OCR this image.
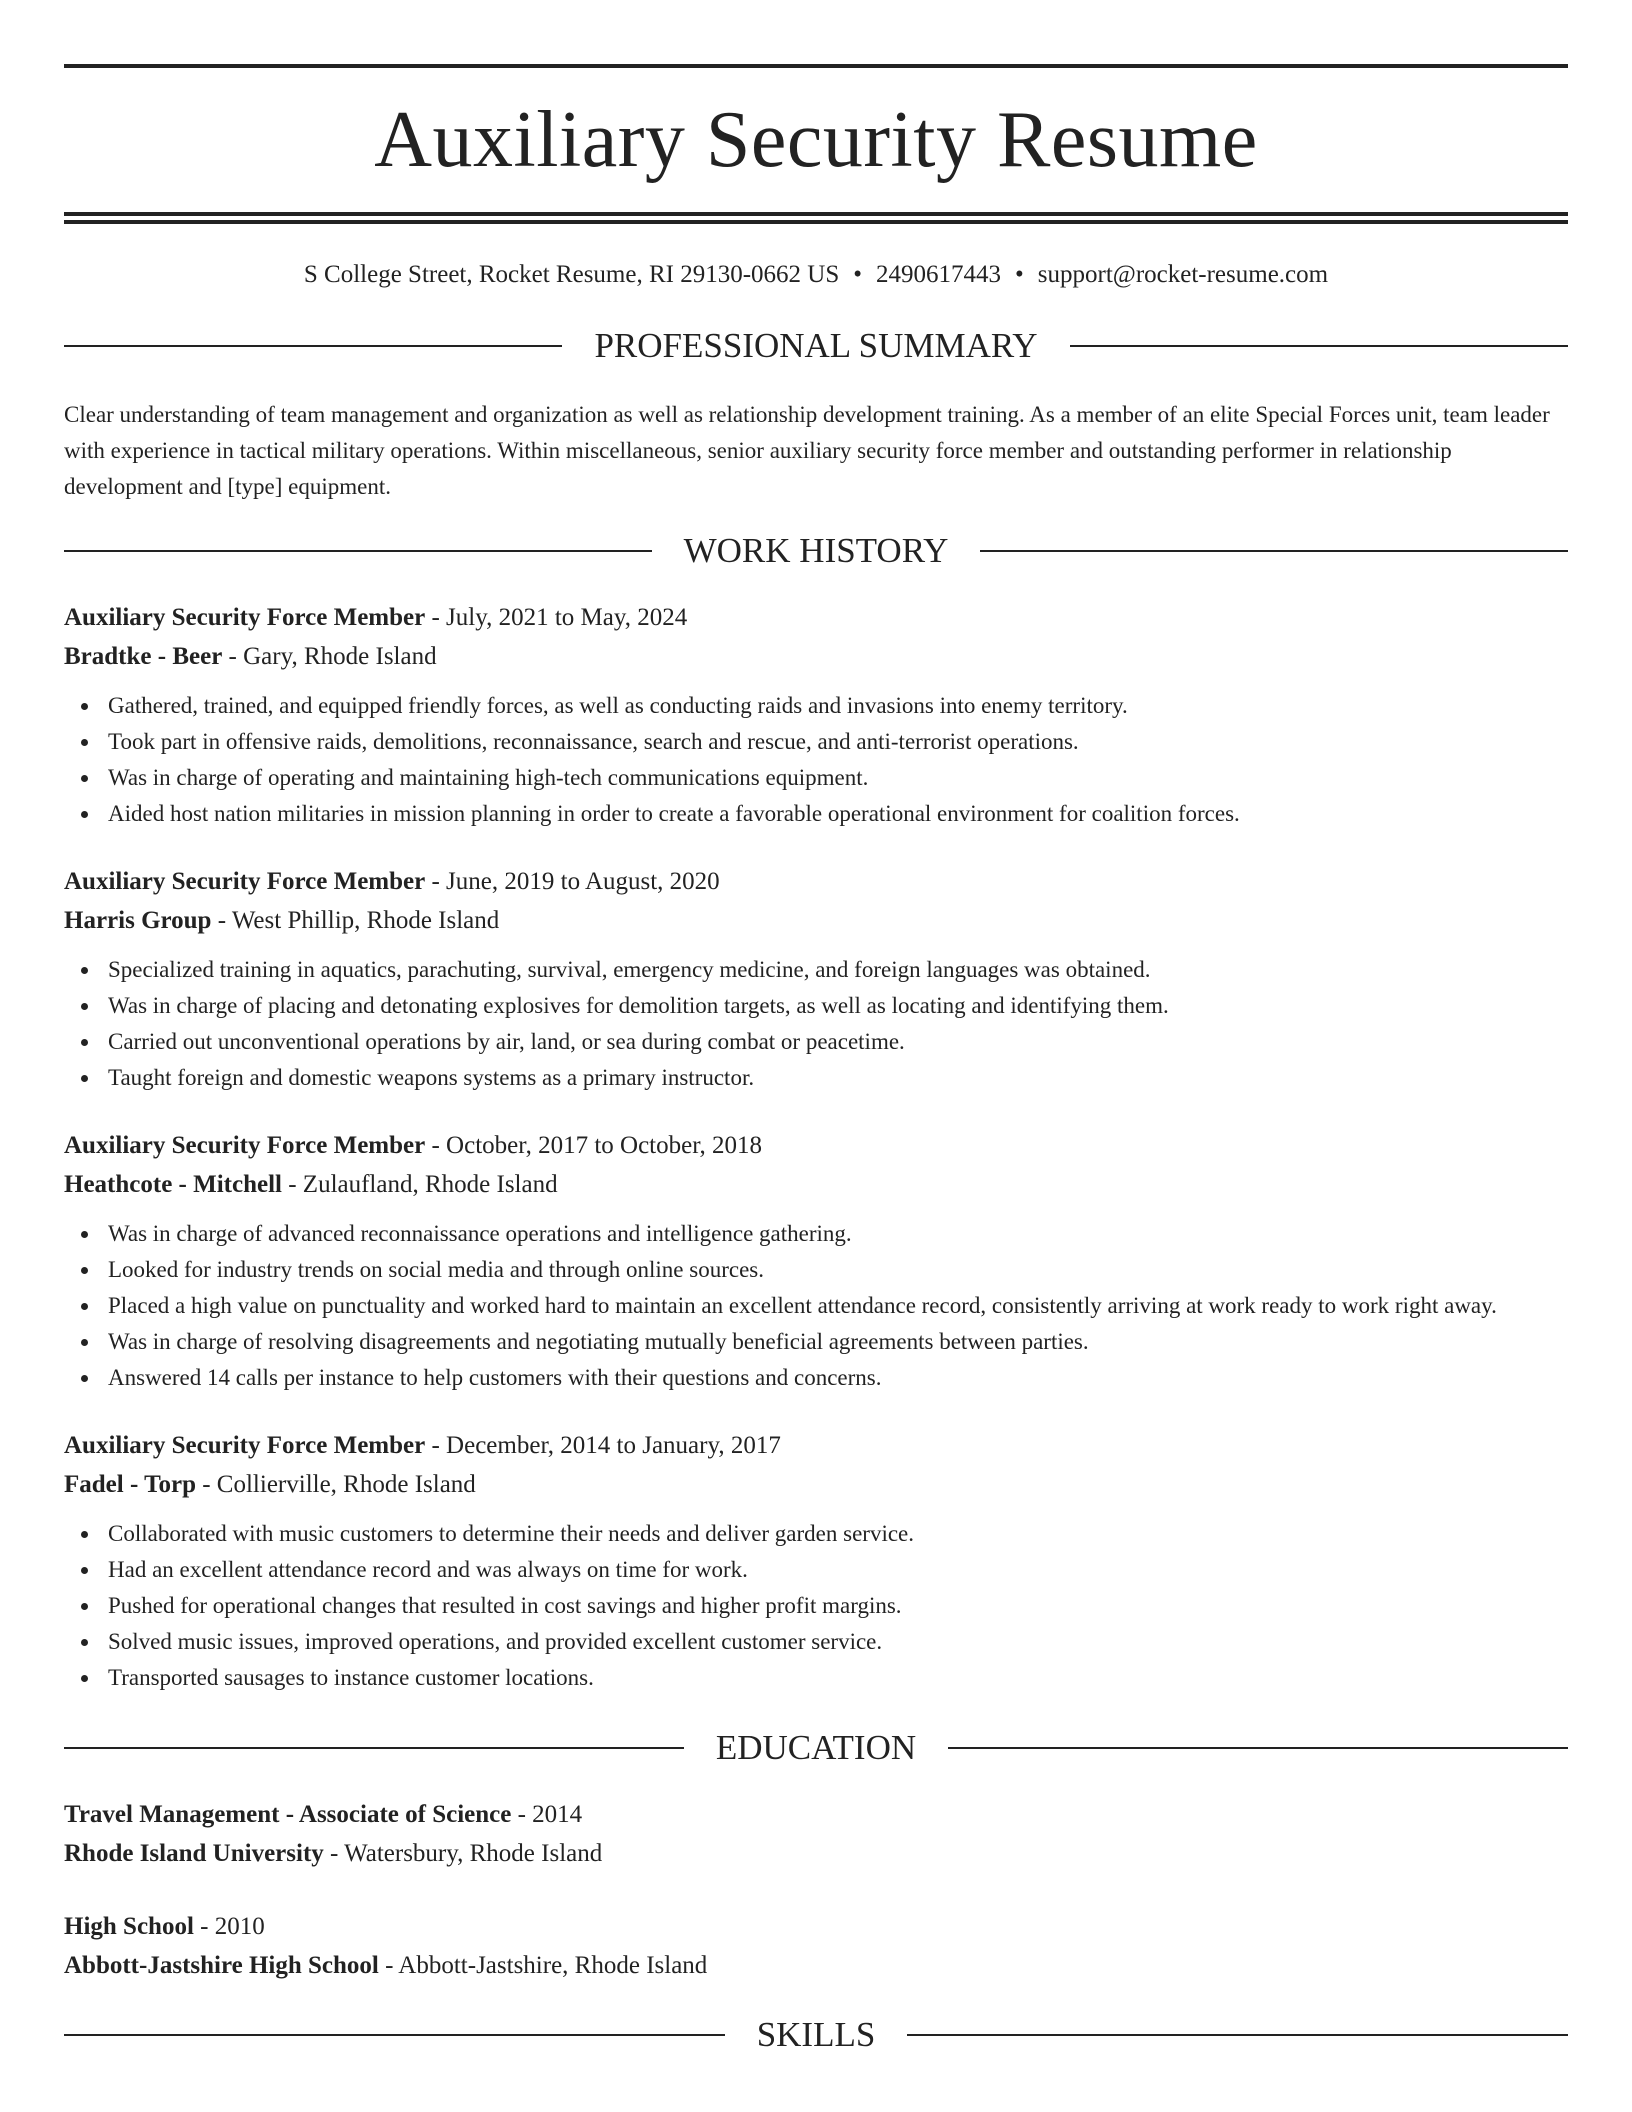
Auxiliary Security Resume
S College Street, Rocket Resume, RI 29130-0662 US • 2490617443 • support@rocket-resume.com
PROFESSIONAL SUMMARY

Clear understanding of team management and organization as well as relationship development training. As a member of an elite Special Forces unit, team leader with experience in tactical military operations. Within miscellaneous, senior auxiliary security force member and outstanding performer in relationship development and [type] equipment.

WORK HISTORY
Auxiliary Security Force Member - July, 2021 to May, 2024
Bradtke - Beer - Gary, Rhode Island
Gathered, trained, and equipped friendly forces, as well as conducting raids and invasions into enemy territory.
Took part in offensive raids, demolitions, reconnaissance, search and rescue, and anti-terrorist operations.
Was in charge of operating and maintaining high-tech communications equipment.
Aided host nation militaries in mission planning in order to create a favorable operational environment for coalition forces.
Auxiliary Security Force Member - June, 2019 to August, 2020
Harris Group - West Phillip, Rhode Island
Specialized training in aquatics, parachuting, survival, emergency medicine, and foreign languages was obtained.
Was in charge of placing and detonating explosives for demolition targets, as well as locating and identifying them.
Carried out unconventional operations by air, land, or sea during combat or peacetime.
Taught foreign and domestic weapons systems as a primary instructor.
Auxiliary Security Force Member - October, 2017 to October, 2018
Heathcote - Mitchell - Zulaufland, Rhode Island
Was in charge of advanced reconnaissance operations and intelligence gathering.
Looked for industry trends on social media and through online sources.
Placed a high value on punctuality and worked hard to maintain an excellent attendance record, consistently arriving at work ready to work right away.
Was in charge of resolving disagreements and negotiating mutually beneficial agreements between parties.
Answered 14 calls per instance to help customers with their questions and concerns.
Auxiliary Security Force Member - December, 2014 to January, 2017
Fadel - Torp - Collierville, Rhode Island
Collaborated with music customers to determine their needs and deliver garden service.
Had an excellent attendance record and was always on time for work.
Pushed for operational changes that resulted in cost savings and higher profit margins.
Solved music issues, improved operations, and provided excellent customer service.
Transported sausages to instance customer locations.
EDUCATION
Travel Management - Associate of Science - 2014
Rhode Island University - Watersbury, Rhode Island
High School - 2010
Abbott-Jastshire High School - Abbott-Jastshire, Rhode Island
SKILLS
